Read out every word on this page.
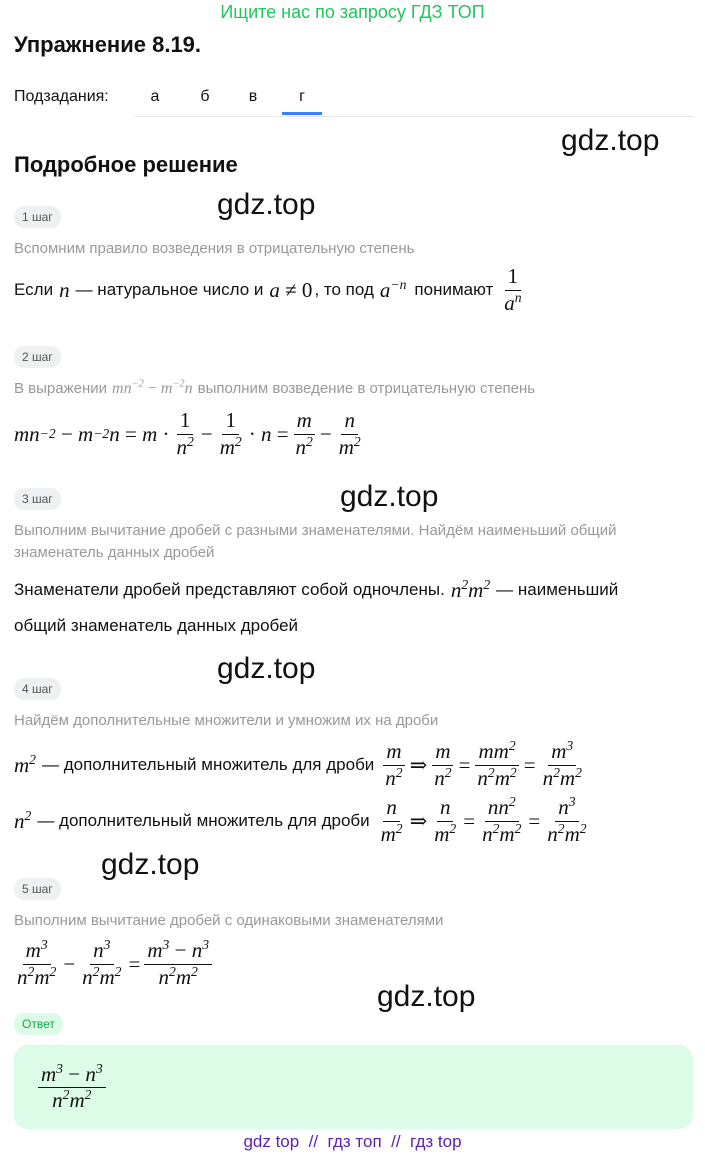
Ищите нас по запросу ГДЗ ТОП
Упражнение 8.19.
Подзадания:	а	б	в	г
Подробное решение
gdz.top
gdz.top
gdz.top
gdz.top
gdz.top
gdz.top
1 шаг
Вспомним правило возведения в отрицательную степень
Если n — натуральное число и a ≠ 0 , то под $a^{-n}$ понимают $\frac{1}{a^n}$
2 шаг
В выражении $mn^{-2} - m^{-2}n$ выполним возведение в отрицательную степень
mn −2
− m −2 $n = m \cdot \frac{1}{n^2} - \frac{1}{m^2} \cdot n = \frac{m}{n^2} - \frac{n}{m^2}$
3 шаг
Выполним вычитание дробей с разными знаменателями. Найдём наименьший общий знаменатель данных дробей
Знаменатели дробей представляют собой одночлены. $n^2m^2$ — наименьший
общий знаменатель данных дробей
4 шаг
Найдём дополнительные множители и умножим их на дроби
$m^2$ — дополнительный множитель для дроби $\frac{m}{n^2}$ ⇒ $\frac{m}{n^2} = \frac{mm^2}{n^2m^2} = \frac{m^3}{n^2m^2}$
$n^2$ — дополнительный множитель для дроби $\frac{n}{m^2}$ ⇒ $\frac{n}{m^2} = \frac{nn^2}{n^2m^2} = \frac{n^3}{n^2m^2}$
5 шаг
Выполним вычитание дробей с одинаковыми знаменателями
$\frac{m^3}{n^2m^2} - \frac{n^3}{n^2m^2} = \frac{m^3 - n^3}{n^2m^2}$
Ответ
$\frac{m^3 - n^3}{n^2m^2}$
gdz top  //  гдз топ  //  гдз top
